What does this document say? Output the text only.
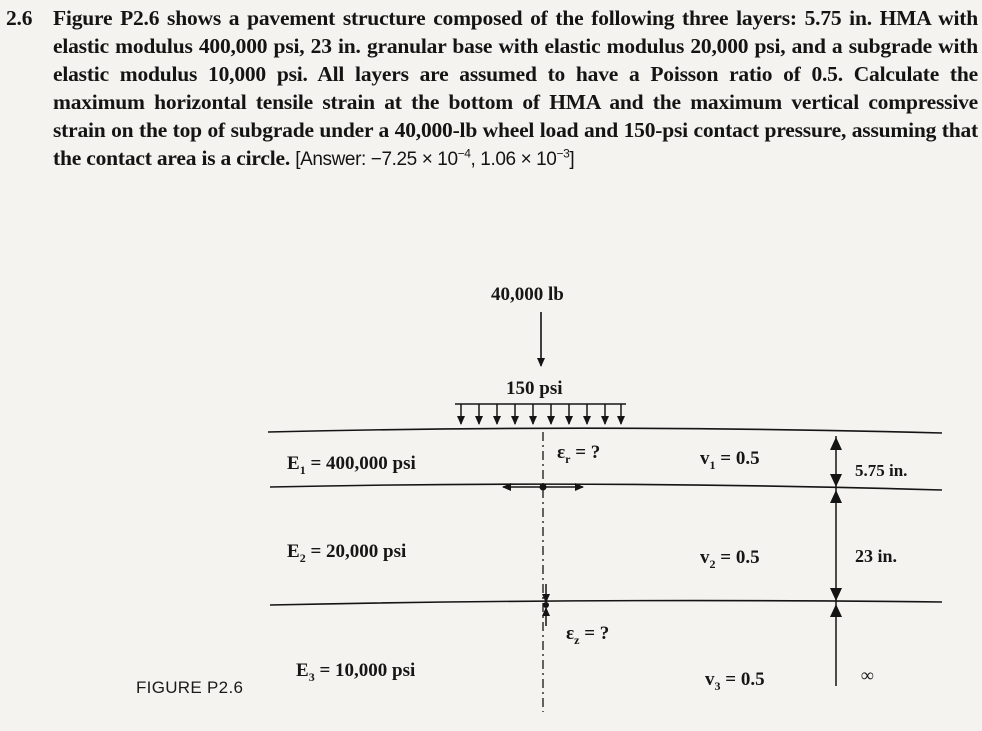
2.6 Figure P2.6 shows a pavement structure composed of the following three layers: 5.75 in. HMA with elastic modulus 400,000 psi, 23 in. granular base with elastic modulus 20,000 psi, and a subgrade with elastic modulus 10,000 psi. All layers are assumed to have a Poisson ratio of 0.5. Calculate the maximum horizontal tensile strain at the bottom of HMA and the maximum vertical compressive strain on the top of subgrade under a 40,000-lb wheel load and 150-psi contact pressure, assuming that the contact area is a circle. [Answer: $-7.25 \times 10^{-4}$, $1.06 \times 10^{-3}$]
40,000 lb
150 psi
$E_1 = 400,000$ psi
$\varepsilon_r$ = ?	$v_1 = 0.5$
5.75 in.
$E_2 = 20,000$ psi	$v_2 = 0.5$	23 in.
$\varepsilon_z$ = ?
$E_3 = 10,000$ psi	$v_3 = 0.5$	∞
FIGURE P2.6
